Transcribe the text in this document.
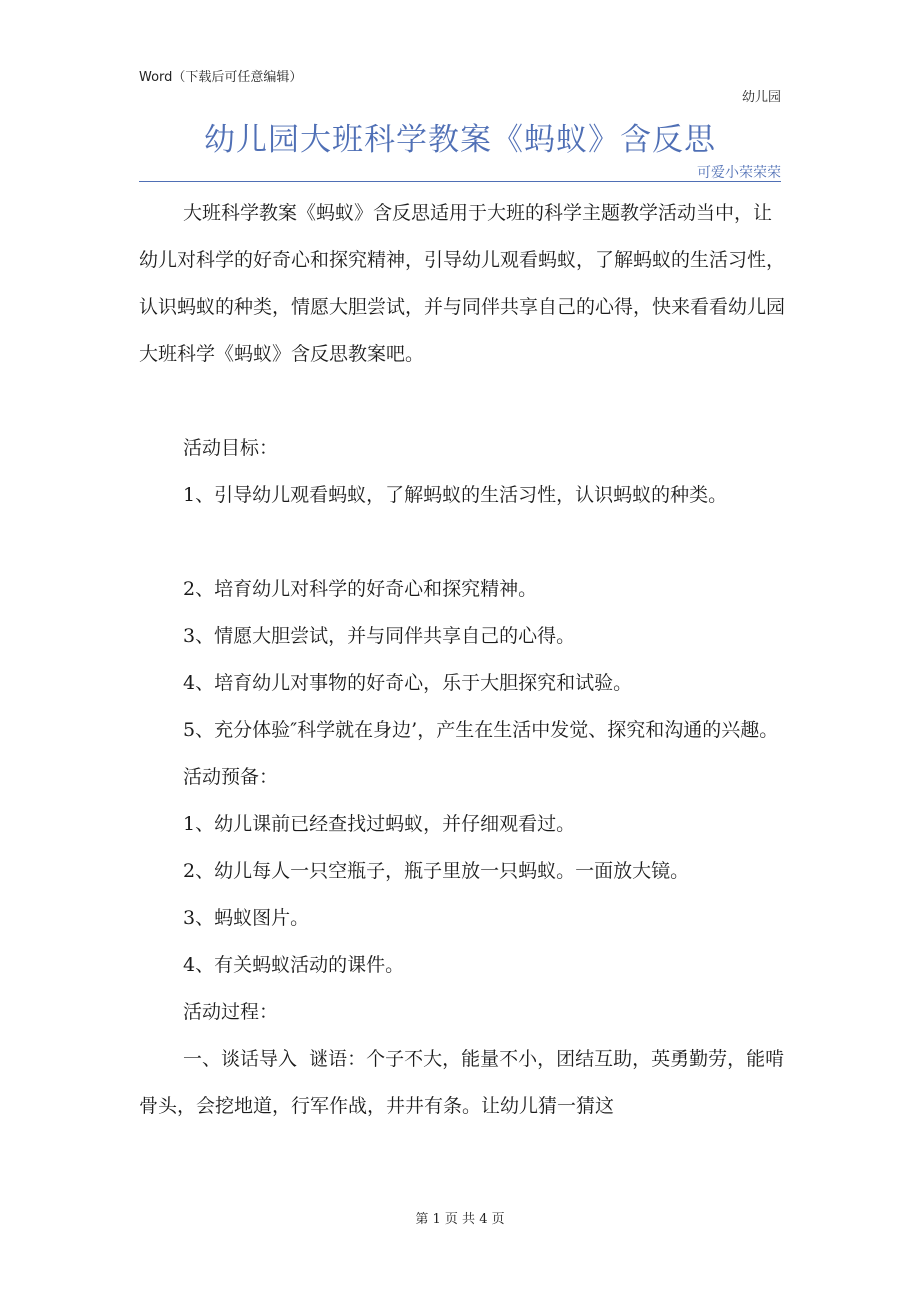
Word（下载后可任意编辑）
幼儿园
幼儿园大班科学教案《蚂蚁》含反思
可爱小荣荣荣

大班科学教案《蚂蚁》含反思适用于大班的科学主题教学活动当中，让幼儿对科学的好奇心和探究精神，引导幼儿观看蚂蚁，了解蚂蚁的生活习性，认识蚂蚁的种类，情愿大胆尝试，并与同伴共享自己的心得，快来看看幼儿园大班科学《蚂蚁》含反思教案吧。

活动目标：

1、引导幼儿观看蚂蚁，了解蚂蚁的生活习性，认识蚂蚁的种类。

2、培育幼儿对科学的好奇心和探究精神。

3、情愿大胆尝试，并与同伴共享自己的心得。

4、培育幼儿对事物的好奇心，乐于大胆探究和试验。

5、充分体验″科学就在身边’，产生在生活中发觉、探究和沟通的兴趣。

活动预备：

1、幼儿课前已经查找过蚂蚁，并仔细观看过。

2、幼儿每人一只空瓶子，瓶子里放一只蚂蚁。一面放大镜。

3、蚂蚁图片。

4、有关蚂蚁活动的课件。

活动过程：

一、谈话导入  谜语：个子不大，能量不小，团结互助，英勇勤劳，能啃骨头，会挖地道，行军作战，井井有条。让幼儿猜一猜这

第 1 页 共 4 页
